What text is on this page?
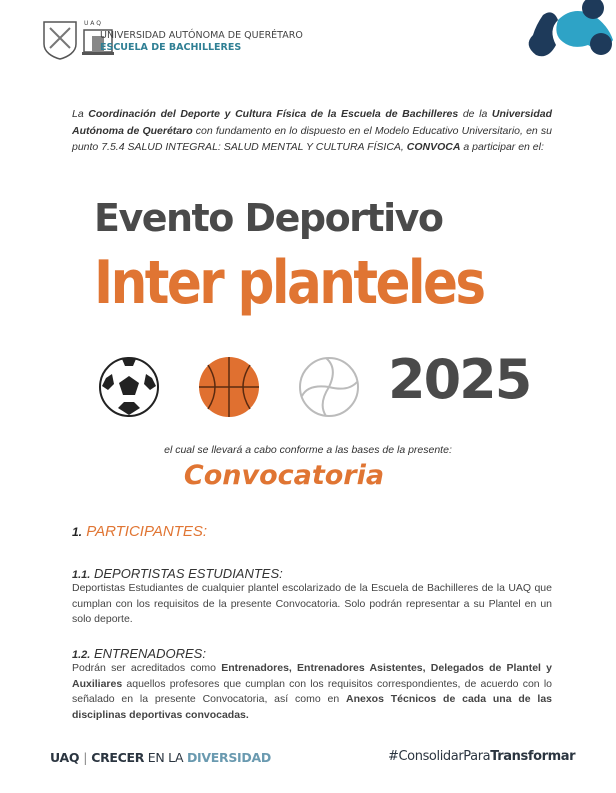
U A Q
UNIVERSIDAD AUTÓNOMA DE QUERÉTARO
ESCUELA DE BACHILLERES
La Coordinación del Deporte y Cultura Física de la Escuela de Bachilleres de la Universidad Autónoma de Querétaro con fundamento en lo dispuesto en el Modelo Educativo Universitario, en su punto 7.5.4 SALUD INTEGRAL: SALUD MENTAL Y CULTURA FÍSICA, CONVOCA a participar en el:
Evento Deportivo
Inter planteles
2025
el cual se llevará a cabo conforme a las bases de la presente:
Convocatoria
1. PARTICIPANTES:
1.1. DEPORTISTAS ESTUDIANTES:
Deportistas Estudiantes de cualquier plantel escolarizado de la Escuela de Bachilleres de la UAQ que cumplan con los requisitos de la presente Convocatoria. Solo podrán representar a su Plantel en un solo deporte.
1.2. ENTRENADORES:
Podrán ser acreditados como Entrenadores, Entrenadores Asistentes, Delegados de Plantel y Auxiliares aquellos profesores que cumplan con los requisitos correspondientes, de acuerdo con lo señalado en la presente Convocatoria, así como en Anexos Técnicos de cada una de las disciplinas deportivas convocadas.
UAQ | CRECER EN LA DIVERSIDAD	#ConsolidarParaTransformar
